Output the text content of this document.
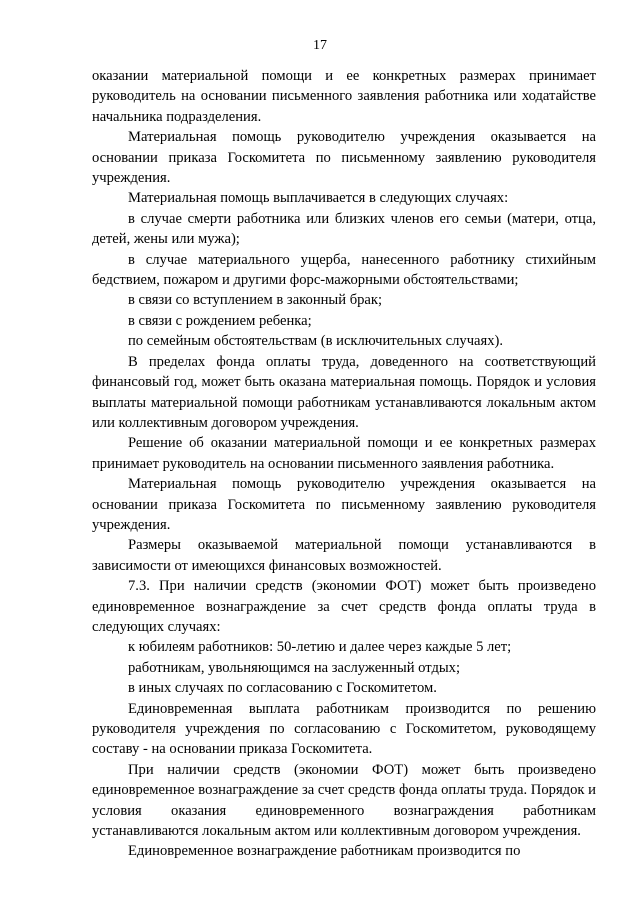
17

оказании материальной помощи и ее конкретных размерах принимает руководитель на основании письменного заявления работника или ходатайстве начальника подразделения.

Материальная помощь руководителю учреждения оказывается на основании приказа Госкомитета по письменному заявлению руководителя учреждения.

Материальная помощь выплачивается в следующих случаях:

в случае смерти работника или близких членов его семьи (матери, отца, детей, жены или мужа);

в случае материального ущерба, нанесенного работнику стихийным бедствием, пожаром и другими форс-мажорными обстоятельствами;

в связи со вступлением в законный брак;

в связи с рождением ребенка;

по семейным обстоятельствам (в исключительных случаях).

В пределах фонда оплаты труда, доведенного на соответствующий финансовый год, может быть оказана материальная помощь. Порядок и условия выплаты материальной помощи работникам устанавливаются локальным актом или коллективным договором учреждения.

Решение об оказании материальной помощи и ее конкретных размерах принимает руководитель на основании письменного заявления работника.

Материальная помощь руководителю учреждения оказывается на основании приказа Госкомитета по письменному заявлению руководителя учреждения.

Размеры оказываемой материальной помощи устанавливаются в зависимости от имеющихся финансовых возможностей.

7.3. При наличии средств (экономии ФОТ) может быть произведено единовременное вознаграждение за счет средств фонда оплаты труда в следующих случаях:

к юбилеям работников: 50-летию и далее через каждые 5 лет;

работникам, увольняющимся на заслуженный отдых;

в иных случаях по согласованию с Госкомитетом.

Единовременная выплата работникам производится по решению руководителя учреждения по согласованию с Госкомитетом, руководящему составу - на основании приказа Госкомитета.

При наличии средств (экономии ФОТ) может быть произведено единовременное вознаграждение за счет средств фонда оплаты труда. Порядок и условия оказания единовременного вознаграждения работникам устанавливаются локальным актом или коллективным договором учреждения.

Единовременное вознаграждение работникам производится по
